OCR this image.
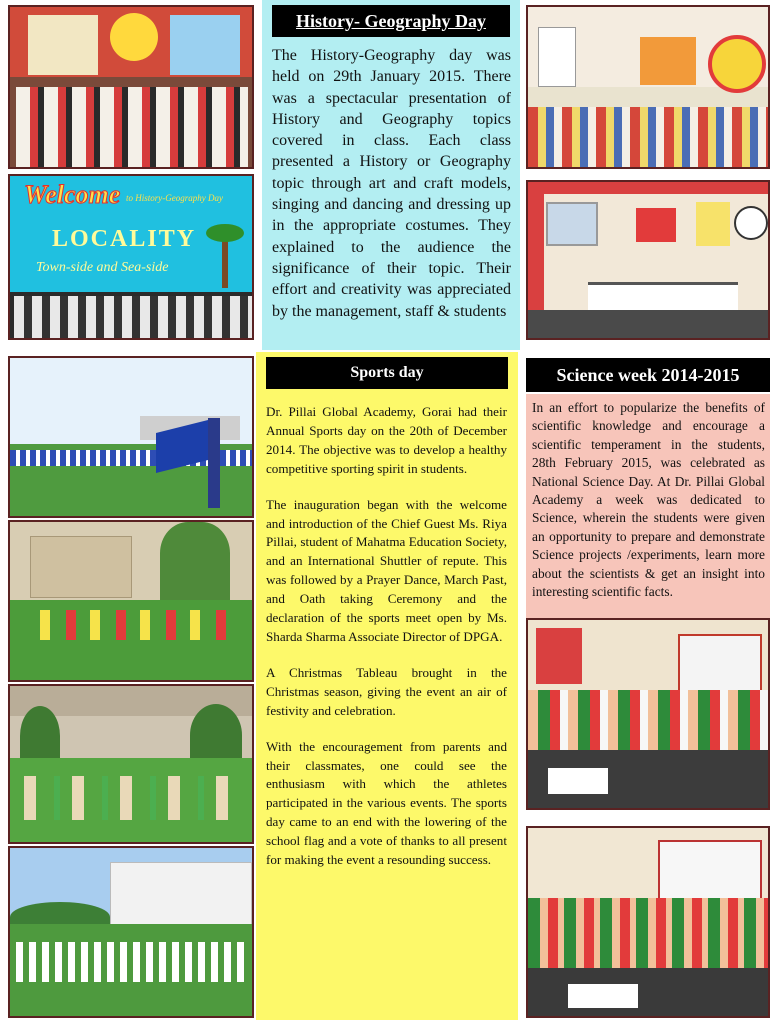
History- Geography Day
The History-Geography day was held on 29th January 2015. There was a spectacular presentation of History and Geography topics covered in class. Each class presented a History or Geography topic through art and craft models, singing and dancing and dressing up in the appropriate costumes. They explained to the audience the significance of their topic. Their effort and creativity was appreciated by the management, staff & students
Welcome to History-Geography Day
LOCALITY
Town-side and Sea-side
Sports day

Dr. Pillai Global Academy, Gorai had their Annual Sports day on the 20th of December 2014. The objective was to develop a healthy competitive sporting spirit in students.

The inauguration began with the welcome and introduction of the Chief Guest Ms. Riya Pillai, student of Mahatma Education Society, and an International Shuttler of repute. This was followed by a Prayer Dance, March Past, and Oath taking Ceremony and the declaration of the sports meet open by Ms. Sharda Sharma Associate Director of DPGA.

A Christmas Tableau brought in the Christmas season, giving the event an air of festivity and celebration.

With the encouragement from parents and their classmates, one could see the enthusiasm with which the athletes participated in the various events. The sports day came to an end with the lowering of the school flag and a vote of thanks to all present for making the event a resounding success.

Science week 2014-2015
In an effort to popularize the benefits of scientific knowledge and encourage a scientific temperament in the students, 28th February 2015, was celebrated as National Science Day. At Dr. Pillai Global Academy a week was dedicated to Science, wherein the students were given an opportunity to prepare and demonstrate Science projects /experiments, learn more about the scientists & get an insight into interesting scientific facts.
